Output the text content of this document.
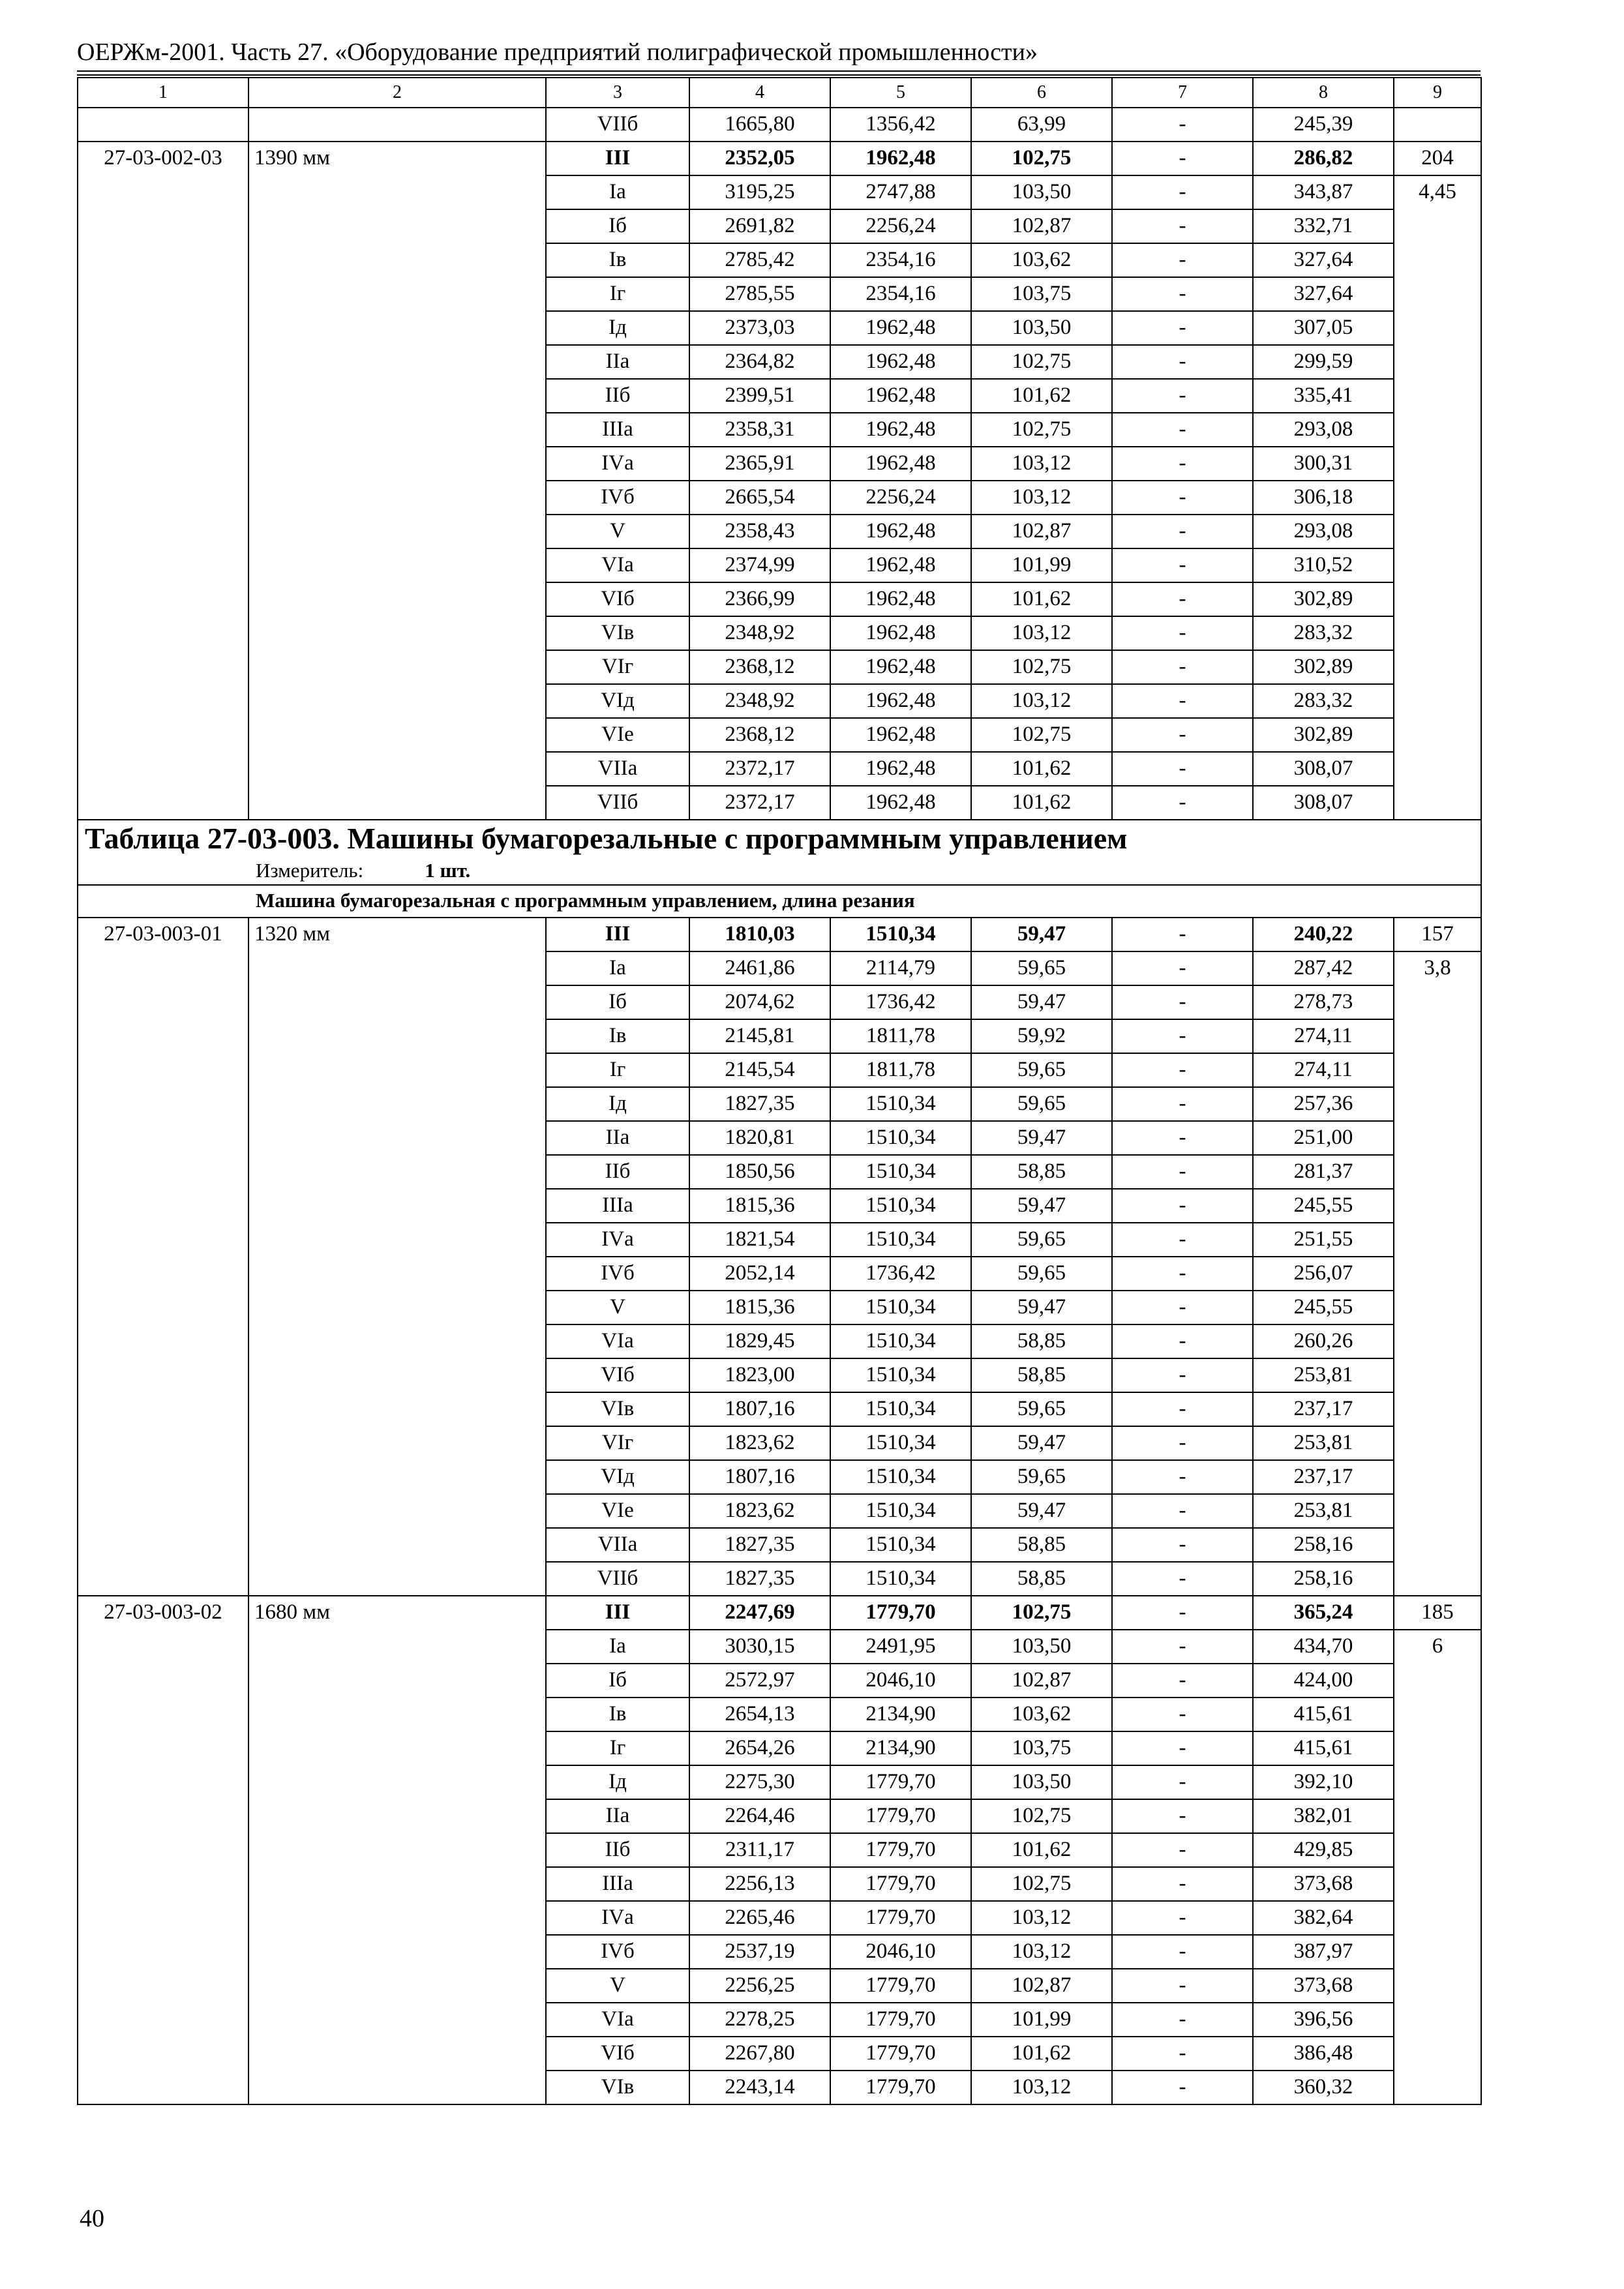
ОЕРЖм-2001. Часть 27. «Оборудование предприятий полиграфической промышленности»
1	2	3	4	5	6	7	8	9
		VIIб	1665,80	1356,42	63,99	-	245,39	
27-03-002-03	1390 мм	III	2352,05	1962,48	102,75	-	286,82	204
		Iа	3195,25	2747,88	103,50	-	343,87	4,45
		Iб	2691,82	2256,24	102,87	-	332,71	
		Iв	2785,42	2354,16	103,62	-	327,64	
		Iг	2785,55	2354,16	103,75	-	327,64	
		Iд	2373,03	1962,48	103,50	-	307,05	
		IIа	2364,82	1962,48	102,75	-	299,59	
		IIб	2399,51	1962,48	101,62	-	335,41	
		IIIа	2358,31	1962,48	102,75	-	293,08	
		IVа	2365,91	1962,48	103,12	-	300,31	
		IVб	2665,54	2256,24	103,12	-	306,18	
		V	2358,43	1962,48	102,87	-	293,08	
		VIа	2374,99	1962,48	101,99	-	310,52	
		VIб	2366,99	1962,48	101,62	-	302,89	
		VIв	2348,92	1962,48	103,12	-	283,32	
		VIг	2368,12	1962,48	102,75	-	302,89	
		VIд	2348,92	1962,48	103,12	-	283,32	
		VIе	2368,12	1962,48	102,75	-	302,89	
		VIIа	2372,17	1962,48	101,62	-	308,07	
		VIIб	2372,17	1962,48	101,62	-	308,07	
Таблица 27-03-003. Машины бумагорезальные с программным управлением								
Измеритель: 1 шт.								
Машина бумагорезальная с программным управлением, длина резания								
27-03-003-01	1320 мм	III	1810,03	1510,34	59,47	-	240,22	157
		Iа	2461,86	2114,79	59,65	-	287,42	3,8
		Iб	2074,62	1736,42	59,47	-	278,73	
		Iв	2145,81	1811,78	59,92	-	274,11	
		Iг	2145,54	1811,78	59,65	-	274,11	
		Iд	1827,35	1510,34	59,65	-	257,36	
		IIа	1820,81	1510,34	59,47	-	251,00	
		IIб	1850,56	1510,34	58,85	-	281,37	
		IIIа	1815,36	1510,34	59,47	-	245,55	
		IVа	1821,54	1510,34	59,65	-	251,55	
		IVб	2052,14	1736,42	59,65	-	256,07	
		V	1815,36	1510,34	59,47	-	245,55	
		VIа	1829,45	1510,34	58,85	-	260,26	
		VIб	1823,00	1510,34	58,85	-	253,81	
		VIв	1807,16	1510,34	59,65	-	237,17	
		VIг	1823,62	1510,34	59,47	-	253,81	
		VIд	1807,16	1510,34	59,65	-	237,17	
		VIе	1823,62	1510,34	59,47	-	253,81	
		VIIа	1827,35	1510,34	58,85	-	258,16	
		VIIб	1827,35	1510,34	58,85	-	258,16	
27-03-003-02	1680 мм	III	2247,69	1779,70	102,75	-	365,24	185
		Iа	3030,15	2491,95	103,50	-	434,70	6
		Iб	2572,97	2046,10	102,87	-	424,00	
		Iв	2654,13	2134,90	103,62	-	415,61	
		Iг	2654,26	2134,90	103,75	-	415,61	
		Iд	2275,30	1779,70	103,50	-	392,10	
		IIа	2264,46	1779,70	102,75	-	382,01	
		IIб	2311,17	1779,70	101,62	-	429,85	
		IIIа	2256,13	1779,70	102,75	-	373,68	
		IVа	2265,46	1779,70	103,12	-	382,64	
		IVб	2537,19	2046,10	103,12	-	387,97	
		V	2256,25	1779,70	102,87	-	373,68	
		VIа	2278,25	1779,70	101,99	-	396,56	
		VIб	2267,80	1779,70	101,62	-	386,48	
		VIв	2243,14	1779,70	103,12	-	360,32	
40
